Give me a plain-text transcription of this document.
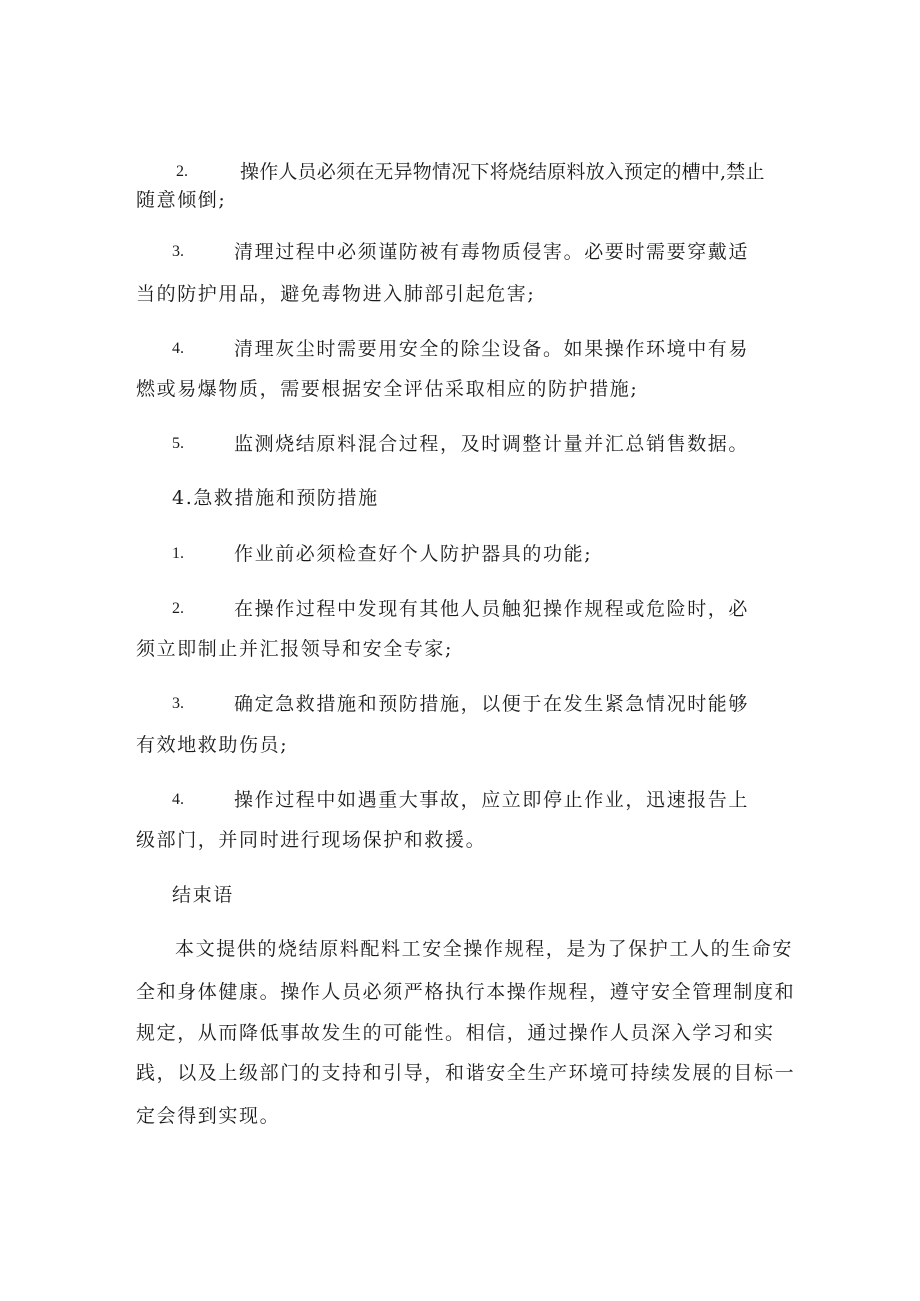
2.	操作人员必须在无异物情况下将烧结原料放入预定的槽中,禁止
随意倾倒;
3.	清理过程中必须谨防被有毒物质侵害。必要时需要穿戴适
当的防护用品，避免毒物进入肺部引起危害;
4.	清理灰尘时需要用安全的除尘设备。如果操作环境中有易
燃或易爆物质，需要根据安全评估采取相应的防护措施;
5.	监测烧结原料混合过程，及时调整计量并汇总销售数据。
4.急救措施和预防措施
1.	作业前必须检查好个人防护器具的功能;
2.	在操作过程中发现有其他人员触犯操作规程或危险时，必
须立即制止并汇报领导和安全专家;
3.	确定急救措施和预防措施，以便于在发生紧急情况时能够
有效地救助伤员;
4.	操作过程中如遇重大事故，应立即停止作业，迅速报告上
级部门，并同时进行现场保护和救援。
结束语
本文提供的烧结原料配料工安全操作规程，是为了保护工人的生命安
全和身体健康。操作人员必须严格执行本操作规程，遵守安全管理制度和
规定，从而降低事故发生的可能性。相信，通过操作人员深入学习和实
践，以及上级部门的支持和引导，和谐安全生产环境可持续发展的目标一
定会得到实现。
